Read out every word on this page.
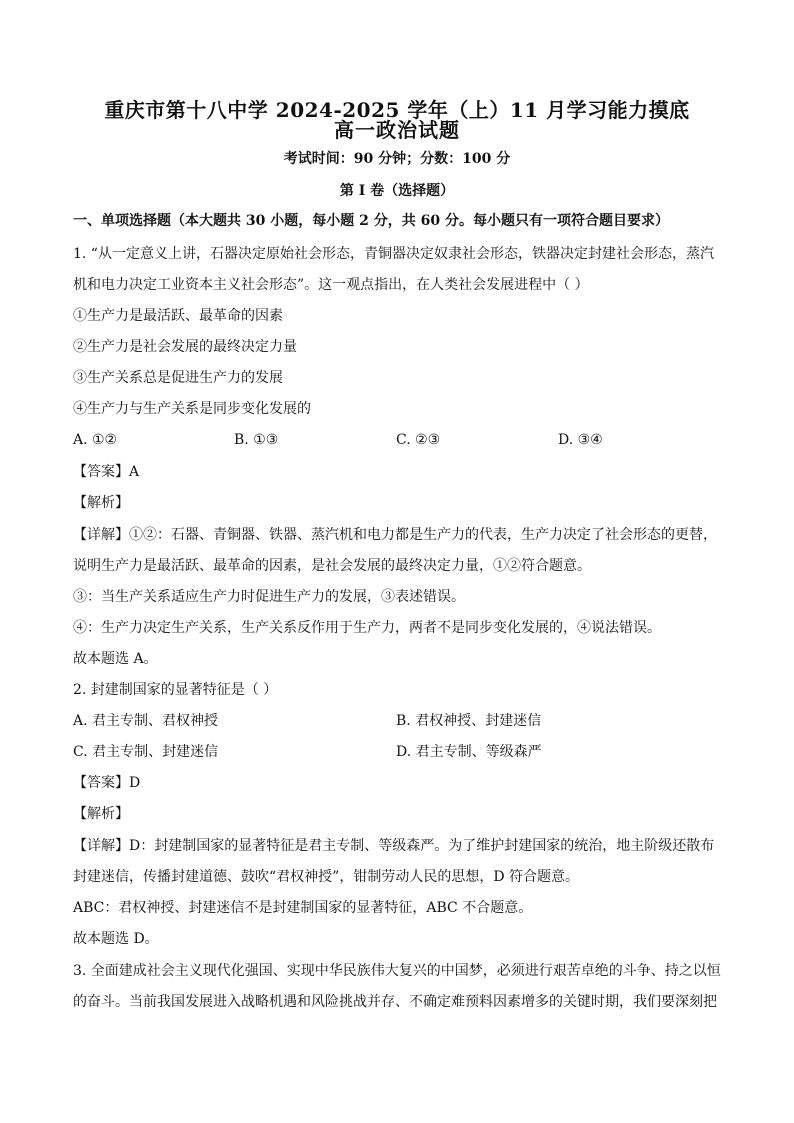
重庆市第十八中学 2024-2025 学年（上）11 月学习能力摸底
高一政治试题
考试时间：90 分钟；分数：100 分
第 I 卷（选择题）
一、单项选择题（本大题共 30 小题，每小题 2 分，共 60 分。每小题只有一项符合题目要求）
1. “从一定意义上讲，石器决定原始社会形态，青铜器决定奴隶社会形态，铁器决定封建社会形态，蒸汽
机和电力决定工业资本主义社会形态”。这一观点指出，在人类社会发展进程中（ ）
①生产力是最活跃、最革命的因素
②生产力是社会发展的最终决定力量
③生产关系总是促进生产力的发展
④生产力与生产关系是同步变化发展的
A. ①②	B. ①③	C. ②③	D. ③④
【答案】A
【解析】
【详解】①②：石器、青铜器、铁器、蒸汽机和电力都是生产力的代表，生产力决定了社会形态的更替，
说明生产力是最活跃、最革命的因素，是社会发展的最终决定力量，①②符合题意。
③：当生产关系适应生产力时促进生产力的发展，③表述错误。
④：生产力决定生产关系，生产关系反作用于生产力，两者不是同步变化发展的，④说法错误。
故本题选 A。
2. 封建制国家的显著特征是（ ）
A. 君主专制、君权神授	B. 君权神授、封建迷信
C. 君主专制、封建迷信	D. 君主专制、等级森严
【答案】D
【解析】
【详解】D：封建制国家的显著特征是君主专制、等级森严。为了维护封建国家的统治，地主阶级还散布
封建迷信，传播封建道德、鼓吹“君权神授”，钳制劳动人民的思想，D 符合题意。
ABC：君权神授、封建迷信不是封建制国家的显著特征，ABC 不合题意。
故本题选 D。
3. 全面建成社会主义现代化强国、实现中华民族伟大复兴的中国梦，必须进行艰苦卓绝的斗争、持之以恒
的奋斗。当前我国发展进入战略机遇和风险挑战并存、不确定难预料因素增多的关键时期，我们要深刻把
